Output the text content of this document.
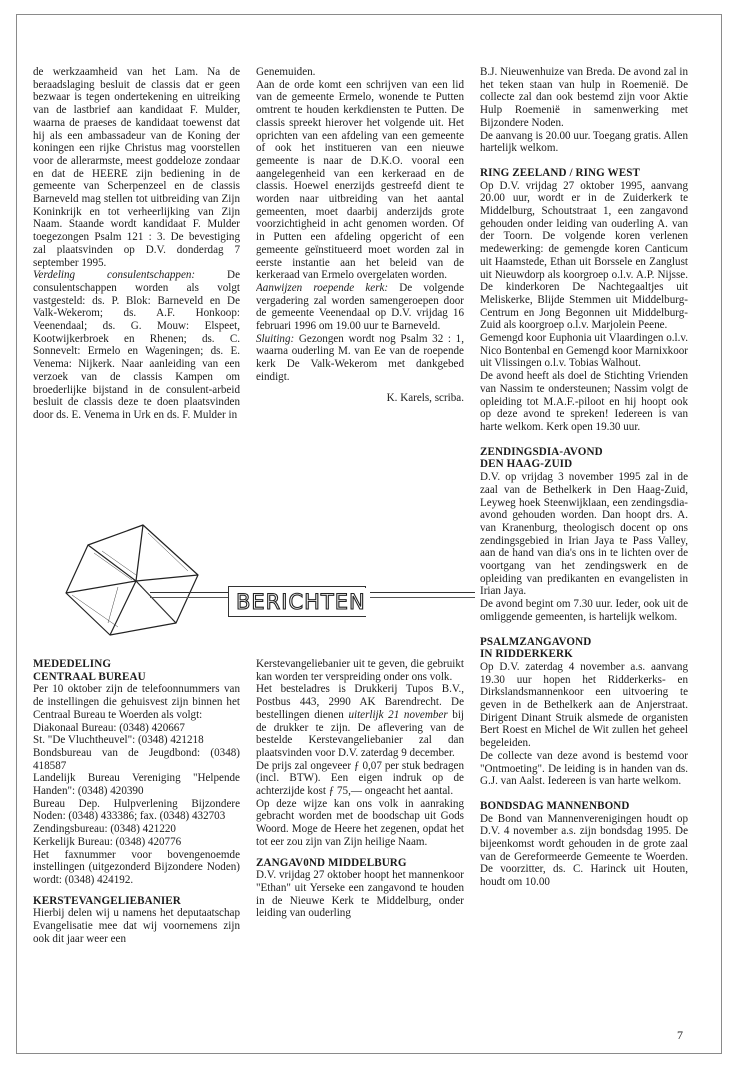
de werkzaamheid van het Lam. Na de beraadslaging besluit de classis dat er geen bezwaar is tegen ondertekening en uitreiking van de lastbrief aan kandidaat F. Mulder, waarna de praeses de kandidaat toewenst dat hij als een ambassadeur van de Koning der koningen een rijke Christus mag voorstellen voor de allerarmste, meest goddeloze zondaar en dat de HEERE zijn bediening in de gemeente van Scherpenzeel en de classis Barneveld mag stellen tot uitbreiding van Zijn Koninkrijk en tot verheerlijking van Zijn Naam. Staande wordt kandidaat F. Mulder toegezongen Psalm 121 : 3. De bevestiging zal plaatsvinden op D.V. donderdag 7 september 1995.

Verdeling consulentschappen: De consulentschappen worden als volgt vastgesteld: ds. P. Blok: Barneveld en De Valk-Wekerom; ds. A.F. Honkoop: Veenendaal; ds. G. Mouw: Elspeet, Kootwijkerbroek en Rhenen; ds. C. Sonnevelt: Ermelo en Wageningen; ds. E. Venema: Nijkerk. Naar aanleiding van een verzoek van de classis Kampen om broederlijke bijstand in de consulent-arbeid besluit de classis deze te doen plaatsvinden door ds. E. Venema in Urk en ds. F. Mulder in

Genemuiden.

Aan de orde komt een schrijven van een lid van de gemeente Ermelo, wonende te Putten omtrent te houden kerkdiensten te Putten. De classis spreekt hierover het volgende uit. Het oprichten van een afdeling van een gemeente of ook het institueren van een nieuwe gemeente is naar de D.K.O. vooral een aangelegenheid van een kerkeraad en de classis. Hoewel enerzijds gestreefd dient te worden naar uitbreiding van het aantal gemeenten, moet daarbij anderzijds grote voorzichtigheid in acht genomen worden. Of in Putten een afdeling opgericht of een gemeente geïnstitueerd moet worden zal in eerste instantie aan het beleid van de kerkeraad van Ermelo overgelaten worden.

Aanwijzen roepende kerk: De volgende vergadering zal worden samengeroepen door de gemeente Veenendaal op D.V. vrijdag 16 februari 1996 om 19.00 uur te Barneveld.

Sluiting: Gezongen wordt nog Psalm 32 : 1, waarna ouderling M. van Ee van de roepende kerk De Valk-Wekerom met dankgebed eindigt.

K. Karels, scriba.

BERICHTEN
MEDEDELING
CENTRAAL BUREAU

Per 10 oktober zijn de telefoonnummers van de instellingen die gehuisvest zijn binnen het Centraal Bureau te Woerden als volgt:

Diakonaal Bureau: (0348) 420667

St. "De Vluchtheuvel": (0348) 421218

Bondsbureau van de Jeugdbond: (0348) 418587

Landelijk Bureau Vereniging "Helpende Handen": (0348) 420390

Bureau Dep. Hulpverlening Bijzondere Noden: (0348) 433386; fax. (0348) 432703

Zendingsbureau: (0348) 421220

Kerkelijk Bureau: (0348) 420776

Het faxnummer voor bovengenoemde instellingen (uitgezonderd Bijzondere Noden) wordt: (0348) 424192.

KERSTEVANGELIEBANIER

Hierbij delen wij u namens het deputaatschap Evangelisatie mee dat wij voornemens zijn ook dit jaar weer een

Kerstevangeliebanier uit te geven, die gebruikt kan worden ter verspreiding onder ons volk.

Het besteladres is Drukkerij Tupos B.V., Postbus 443, 2990 AK Barendrecht. De bestellingen dienen uiterlijk 21 november bij de drukker te zijn. De aflevering van de bestelde Kerstevangeliebanier zal dan plaatsvinden voor D.V. zaterdag 9 december.

De prijs zal ongeveer ƒ 0,07 per stuk bedragen (incl. BTW). Een eigen indruk op de achterzijde kost ƒ 75,— ongeacht het aantal.

Op deze wijze kan ons volk in aanraking gebracht worden met de boodschap uit Gods Woord. Moge de Heere het zegenen, opdat het tot eer zou zijn van Zijn heilige Naam.

ZANGAV0ND MIDDELBURG

D.V. vrijdag 27 oktober hoopt het mannenkoor "Ethan" uit Yerseke een zangavond te houden in de Nieuwe Kerk te Middelburg, onder leiding van ouderling

B.J. Nieuwenhuize van Breda. De avond zal in het teken staan van hulp in Roemenië. De collecte zal dan ook bestemd zijn voor Aktie Hulp Roemenië in samenwerking met Bijzondere Noden.

De aanvang is 20.00 uur. Toegang gratis. Allen hartelijk welkom.

RING ZEELAND / RING WEST

Op D.V. vrijdag 27 oktober 1995, aanvang 20.00 uur, wordt er in de Zuiderkerk te Middelburg, Schoutstraat 1, een zangavond gehouden onder leiding van ouderling A. van der Toorn. De volgende koren verlenen medewerking: de gemengde koren Canticum uit Haamstede, Ethan uit Borssele en Zanglust uit Nieuwdorp als koorgroep o.l.v. A.P. Nijsse. De kinderkoren De Nachtegaaltjes uit Meliskerke, Blijde Stemmen uit Middelburg-Centrum en Jong Begonnen uit Middelburg-Zuid als koorgroep o.l.v. Marjolein Peene.

Gemengd koor Euphonia uit Vlaardingen o.l.v. Nico Bontenbal en Gemengd koor Marnixkoor uit Vlissingen o.l.v. Tobias Walhout.

De avond heeft als doel de Stichting Vrienden van Nassim te ondersteunen; Nassim volgt de opleiding tot M.A.F.-piloot en hij hoopt ook op deze avond te spreken! Iedereen is van harte welkom. Kerk open 19.30 uur.

ZENDINGSDIA-AVOND
DEN HAAG-ZUID

D.V. op vrijdag 3 november 1995 zal in de zaal van de Bethelkerk in Den Haag-Zuid, Leyweg hoek Steenwijklaan, een zendingsdia-avond gehouden worden. Dan hoopt drs. A. van Kranenburg, theologisch docent op ons zendingsgebied in Irian Jaya te Pass Valley, aan de hand van dia's ons in te lichten over de voortgang van het zendingswerk en de opleiding van predikanten en evangelisten in Irian Jaya.

De avond begint om 7.30 uur. Ieder, ook uit de omliggende gemeenten, is hartelijk welkom.

PSALMZANGAVOND
IN RIDDERKERK

Op D.V. zaterdag 4 november a.s. aanvang 19.30 uur hopen het Ridderkerks- en Dirkslandsmannenkoor een uitvoering te geven in de Bethelkerk aan de Anjerstraat. Dirigent Dinant Struik alsmede de organisten Bert Roest en Michel de Wit zullen het geheel begeleiden.

De collecte van deze avond is bestemd voor "Ontmoeting". De leiding is in handen van ds. G.J. van Aalst. Iedereen is van harte welkom.

BONDSDAG MANNENBOND

De Bond van Mannenverenigingen houdt op D.V. 4 november a.s. zijn bondsdag 1995. De bijeenkomst wordt gehouden in de grote zaal van de Gereformeerde Gemeente te Woerden. De voorzitter, ds. C. Harinck uit Houten, houdt om 10.00

7
